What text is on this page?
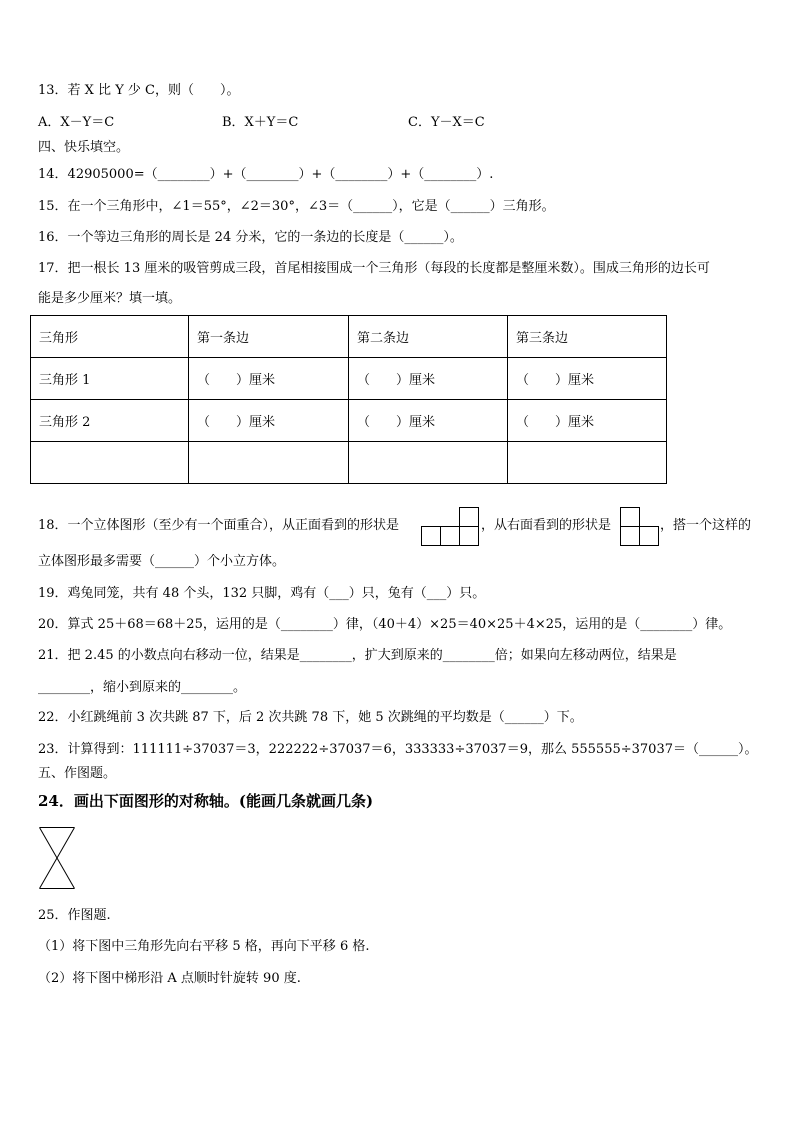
13．若 X 比 Y 少 C，则（　　）。
A．X－Y＝C	B．X＋Y＝C	C．Y－X＝C
四、快乐填空。
14．42905000=（________）+（________）+（________）+（________）.
15．在一个三角形中，∠1＝55°，∠2＝30°，∠3＝（______），它是（______）三角形。
16．一个等边三角形的周长是 24 分米，它的一条边的长度是（______）。
17．把一根长 13 厘米的吸管剪成三段，首尾相接围成一个三角形（每段的长度都是整厘米数）。围成三角形的边长可
能是多少厘米？填一填。
三角形	第一条边	第二条边	第三条边
三角形 1	（　　）厘米	（　　）厘米	（　　）厘米
三角形 2	（　　）厘米	（　　）厘米	（　　）厘米

18．一个立体图形（至少有一个面重合），从正面看到的形状是	，从右面看到的形状是	，搭一个这样的
立体图形最多需要（______）个小立方体。
19．鸡兔同笼，共有 48 个头，132 只脚，鸡有（___）只，兔有（___）只。
20．算式 25＋68＝68＋25，运用的是（________）律，（40＋4）×25＝40×25＋4×25，运用的是（________）律。
21．把 2.45 的小数点向右移动一位，结果是________，扩大到原来的________倍；如果向左移动两位，结果是
________，缩小到原来的________。
22．小红跳绳前 3 次共跳 87 下，后 2 次共跳 78 下，她 5 次跳绳的平均数是（______）下。
23．计算得到：111111÷37037＝3，222222÷37037＝6，333333÷37037＝9，那么 555555÷37037＝（______）。
五、作图题。
24．画出下面图形的对称轴。(能画几条就画几条)
25．作图题.
（1）将下图中三角形先向右平移 5 格，再向下平移 6 格.
（2）将下图中梯形沿 A 点顺时针旋转 90 度.
